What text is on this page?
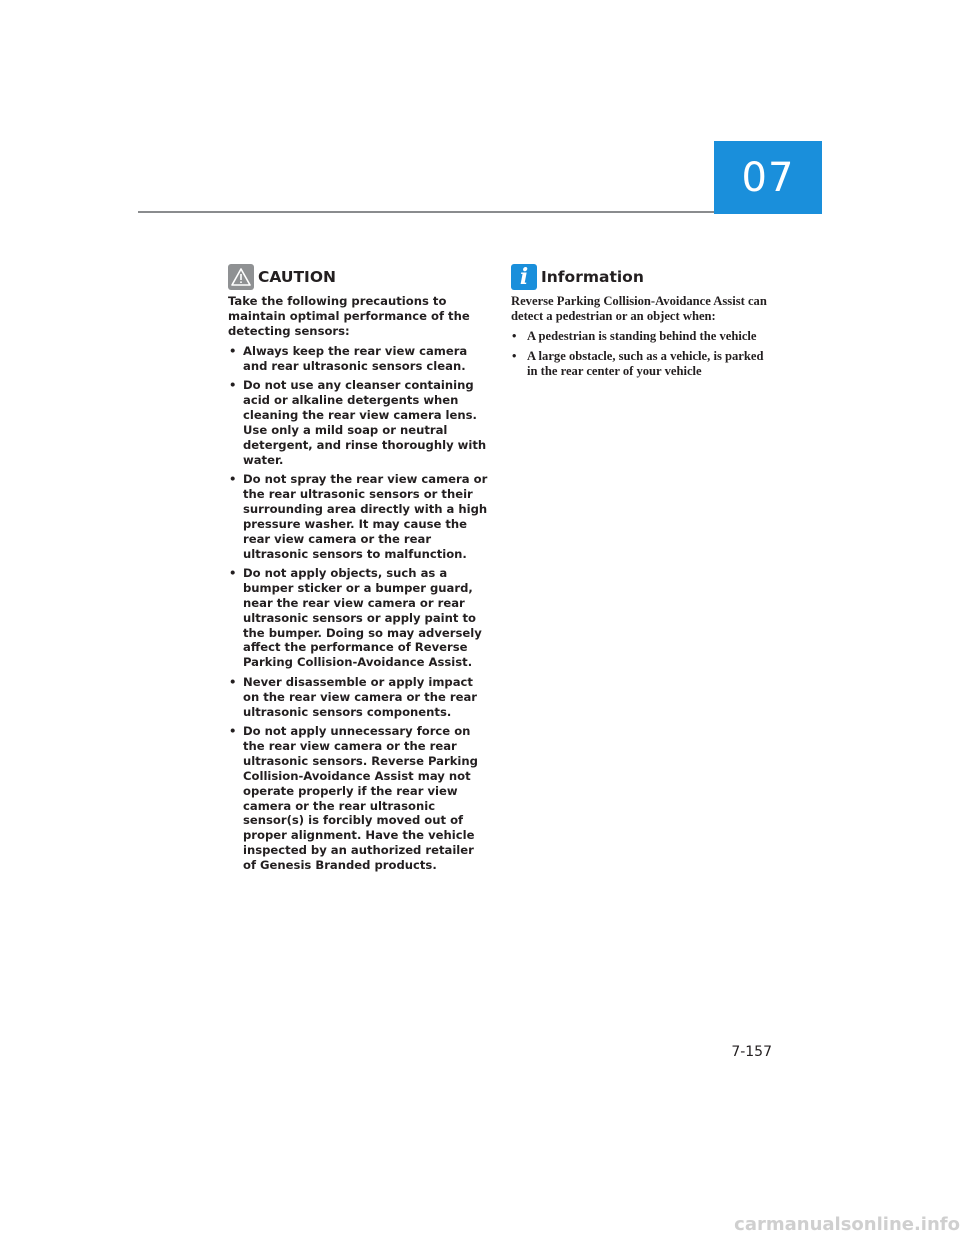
07
CAUTION

Take the following precautions to maintain optimal performance of the detecting sensors:

• Always keep the rear view camera and rear ultrasonic sensors clean.
• Do not use any cleanser containing acid or alkaline detergents when cleaning the rear view camera lens. Use only a mild soap or neutral detergent, and rinse thoroughly with water.
• Do not spray the rear view camera or the rear ultrasonic sensors or their surrounding area directly with a high pressure washer. It may cause the rear view camera or the rear ultrasonic sensors to malfunction.
• Do not apply objects, such as a bumper sticker or a bumper guard, near the rear view camera or rear ultrasonic sensors or apply paint to the bumper. Doing so may adversely affect the performance of Reverse Parking Collision-Avoidance Assist.
• Never disassemble or apply impact on the rear view camera or the rear ultrasonic sensors components.
• Do not apply unnecessary force on the rear view camera or the rear ultrasonic sensors. Reverse Parking Collision-Avoidance Assist may not operate properly if the rear view camera or the rear ultrasonic sensor(s) is forcibly moved out of proper alignment. Have the vehicle inspected by an authorized retailer of Genesis Branded products.
i Information

Reverse Parking Collision-Avoidance Assist can detect a pedestrian or an object when:

• A pedestrian is standing behind the vehicle
• A large obstacle, such as a vehicle, is parked in the rear center of your vehicle
7-157
carmanualsonline.info
